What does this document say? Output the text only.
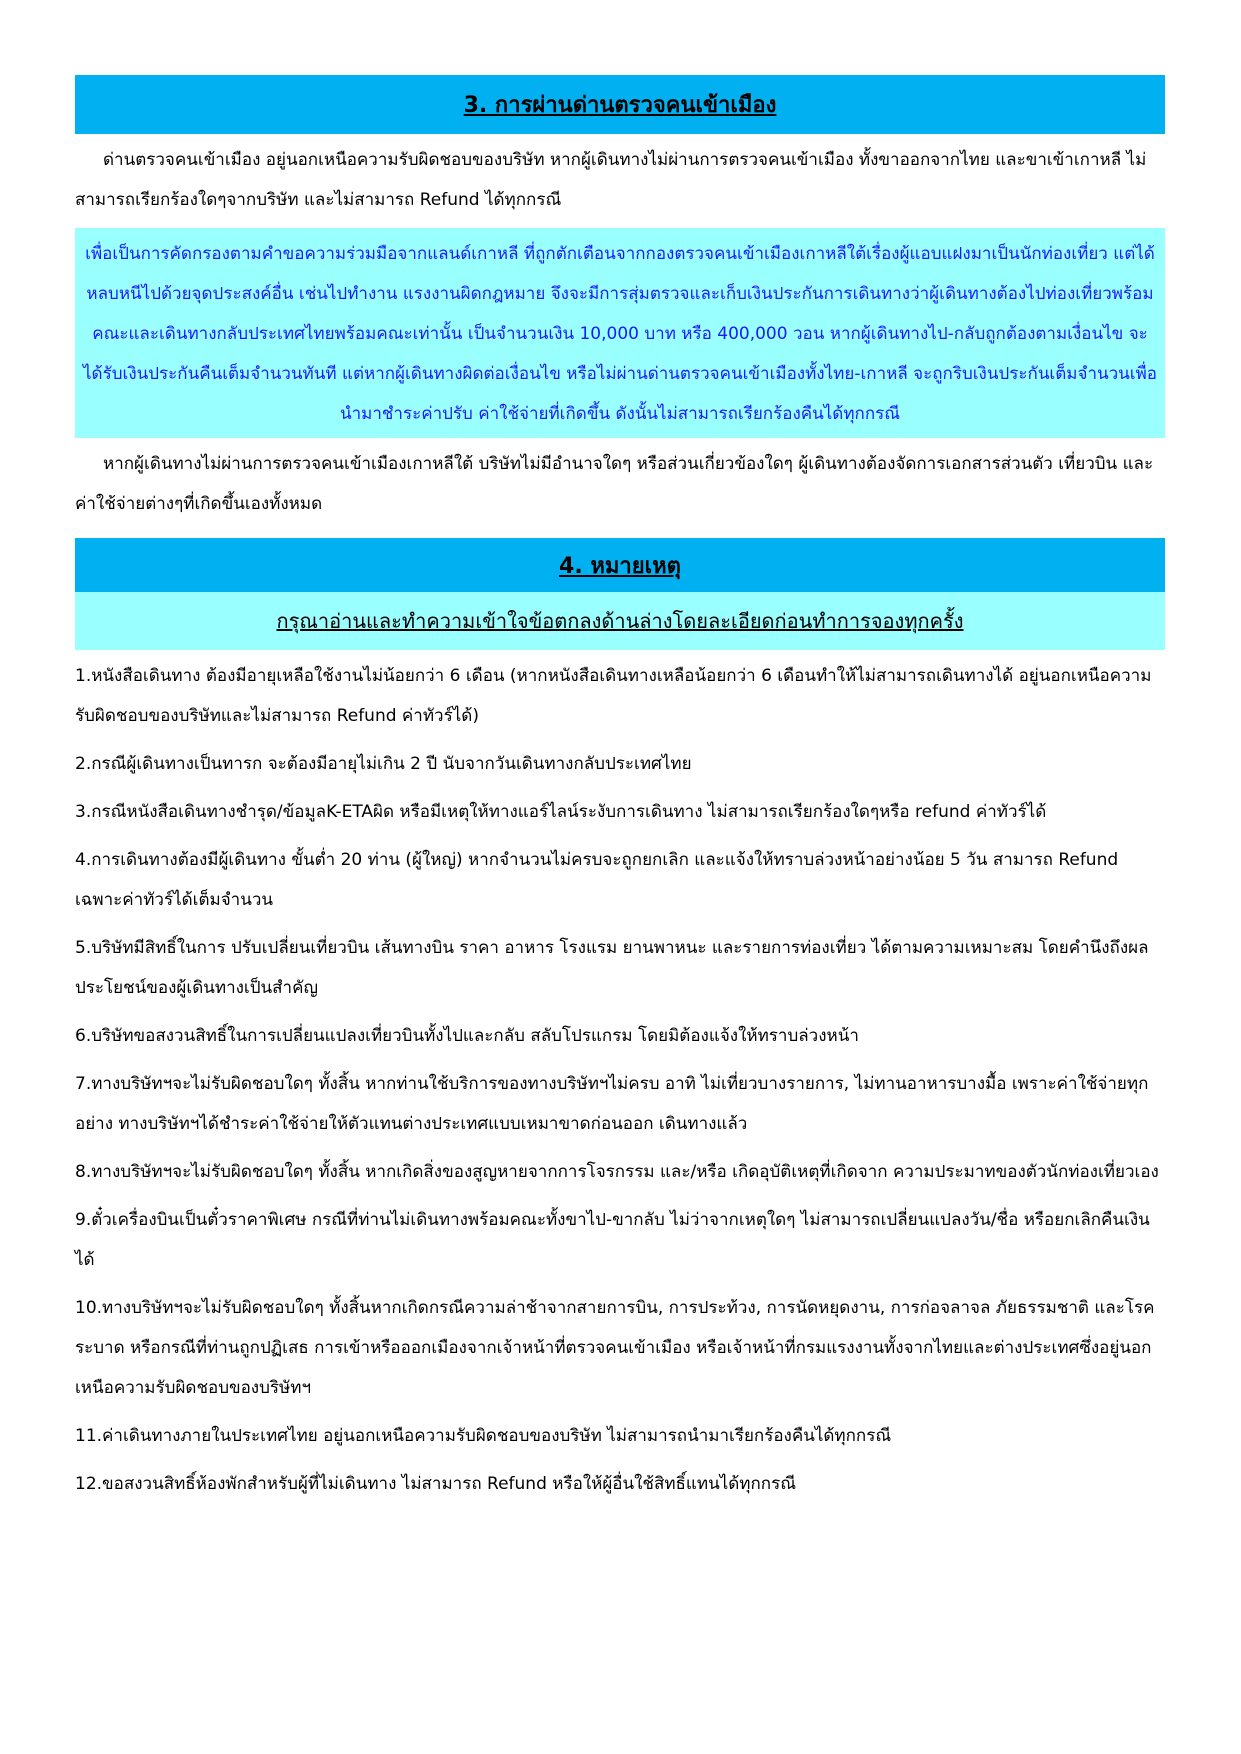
3. การผ่านด่านตรวจคนเข้าเมือง
ด่านตรวจคนเข้าเมือง อยู่นอกเหนือความรับผิดชอบของบริษัท หากผู้เดินทางไม่ผ่านการตรวจคนเข้าเมือง ทั้งขาออกจากไทย และขาเข้าเกาหลี ไม่สามารถเรียกร้องใดๆจากบริษัท และไม่สามารถ Refund ได้ทุกกรณี
เพื่อเป็นการคัดกรองตามคำขอความร่วมมือจากแลนด์เกาหลี ที่ถูกตักเตือนจากกองตรวจคนเข้าเมืองเกาหลีใต้เรื่องผู้แอบแฝงมาเป็นนักท่องเที่ยว แต่ได้หลบหนีไปด้วยจุดประสงค์อื่น เช่นไปทำงาน แรงงานผิดกฎหมาย จึงจะมีการสุ่มตรวจและเก็บเงินประกันการเดินทางว่าผู้เดินทางต้องไปท่องเที่ยวพร้อมคณะและเดินทางกลับประเทศไทยพร้อมคณะเท่านั้น เป็นจำนวนเงิน 10,000 บาท หรือ 400,000 วอน หากผู้เดินทางไป-กลับถูกต้องตามเงื่อนไข จะได้รับเงินประกันคืนเต็มจำนวนทันที แต่หากผู้เดินทางผิดต่อเงื่อนไข หรือไม่ผ่านด่านตรวจคนเข้าเมืองทั้งไทย-เกาหลี จะถูกริบเงินประกันเต็มจำนวนเพื่อนำมาชำระค่าปรับ ค่าใช้จ่ายที่เกิดขึ้น ดังนั้นไม่สามารถเรียกร้องคืนได้ทุกกรณี
หากผู้เดินทางไม่ผ่านการตรวจคนเข้าเมืองเกาหลีใต้ บริษัทไม่มีอำนาจใดๆ หรือส่วนเกี่ยวข้องใดๆ ผู้เดินทางต้องจัดการเอกสารส่วนตัว เที่ยวบิน และค่าใช้จ่ายต่างๆที่เกิดขึ้นเองทั้งหมด
4. หมายเหตุ
กรุณาอ่านและทำความเข้าใจข้อตกลงด้านล่างโดยละเอียดก่อนทำการจองทุกครั้ง
1.หนังสือเดินทาง ต้องมีอายุเหลือใช้งานไม่น้อยกว่า 6 เดือน (หากหนังสือเดินทางเหลือน้อยกว่า 6 เดือนทำให้ไม่สามารถเดินทางได้ อยู่นอกเหนือความรับผิดชอบของบริษัทและไม่สามารถ Refund ค่าทัวร์ได้)
2.กรณีผู้เดินทางเป็นทารก จะต้องมีอายุไม่เกิน 2 ปี นับจากวันเดินทางกลับประเทศไทย
3.กรณีหนังสือเดินทางชำรุด/ข้อมูลK-ETAผิด หรือมีเหตุให้ทางแอร์ไลน์ระงับการเดินทาง ไม่สามารถเรียกร้องใดๆหรือ refund ค่าทัวร์ได้
4.การเดินทางต้องมีผู้เดินทาง ขั้นต่ำ 20 ท่าน (ผู้ใหญ่) หากจำนวนไม่ครบจะถูกยกเลิก และแจ้งให้ทราบล่วงหน้าอย่างน้อย 5 วัน สามารถ Refund เฉพาะค่าทัวร์ได้เต็มจำนวน
5.บริษัทมีสิทธิ์ในการ ปรับเปลี่ยนเที่ยวบิน เส้นทางบิน ราคา อาหาร โรงแรม ยานพาหนะ และรายการท่องเที่ยว ได้ตามความเหมาะสม โดยคำนึงถึงผลประโยชน์ของผู้เดินทางเป็นสำคัญ
6.บริษัทขอสงวนสิทธิ์ในการเปลี่ยนแปลงเที่ยวบินทั้งไปและกลับ สลับโปรแกรม โดยมิต้องแจ้งให้ทราบล่วงหน้า
7.ทางบริษัทฯจะไม่รับผิดชอบใดๆ ทั้งสิ้น หากท่านใช้บริการของทางบริษัทฯไม่ครบ อาทิ ไม่เที่ยวบางรายการ, ไม่ทานอาหารบางมื้อ เพราะค่าใช้จ่ายทุกอย่าง ทางบริษัทฯได้ชำระค่าใช้จ่ายให้ตัวแทนต่างประเทศแบบเหมาขาดก่อนออก เดินทางแล้ว
8.ทางบริษัทฯจะไม่รับผิดชอบใดๆ ทั้งสิ้น หากเกิดสิ่งของสูญหายจากการโจรกรรม และ/หรือ เกิดอุบัติเหตุที่เกิดจาก ความประมาทของตัวนักท่องเที่ยวเอง
9.ตั๋วเครื่องบินเป็นตั๋วราคาพิเศษ กรณีที่ท่านไม่เดินทางพร้อมคณะทั้งขาไป-ขากลับ ไม่ว่าจากเหตุใดๆ ไม่สามารถเปลี่ยนแปลงวัน/ชื่อ หรือยกเลิกคืนเงินได้
10.ทางบริษัทฯจะไม่รับผิดชอบใดๆ ทั้งสิ้นหากเกิดกรณีความล่าช้าจากสายการบิน, การประท้วง, การนัดหยุดงาน, การก่อจลาจล ภัยธรรมชาติ และโรคระบาด หรือกรณีที่ท่านถูกปฏิเสธ การเข้าหรือออกเมืองจากเจ้าหน้าที่ตรวจคนเข้าเมือง หรือเจ้าหน้าที่กรมแรงงานทั้งจากไทยและต่างประเทศซึ่งอยู่นอกเหนือความรับผิดชอบของบริษัทฯ
11.ค่าเดินทางภายในประเทศไทย อยู่นอกเหนือความรับผิดชอบของบริษัท ไม่สามารถนำมาเรียกร้องคืนได้ทุกกรณี
12.ขอสงวนสิทธิ์ห้องพักสำหรับผู้ที่ไม่เดินทาง ไม่สามารถ Refund หรือให้ผู้อื่นใช้สิทธิ์แทนได้ทุกกรณี
